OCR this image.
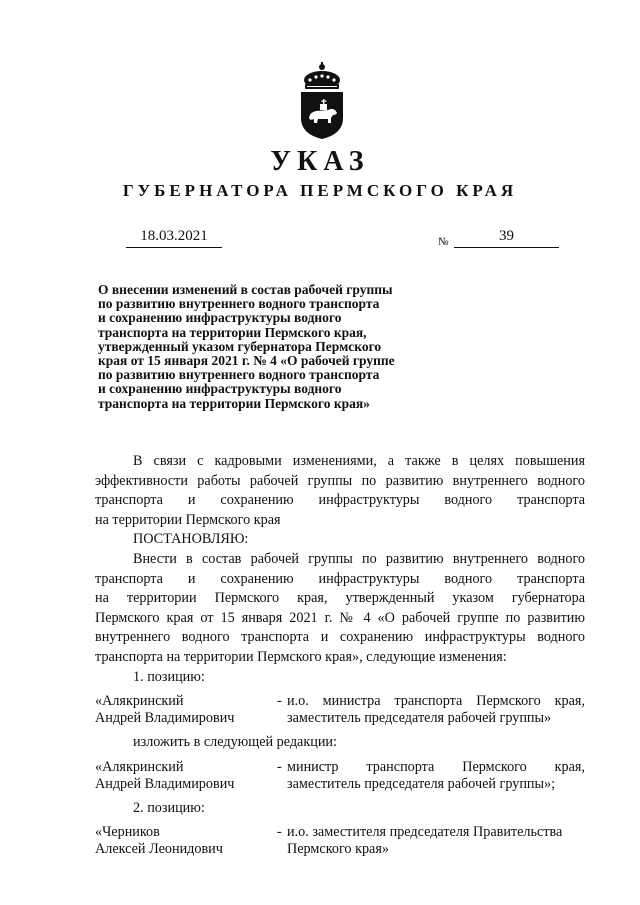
УКАЗ
ГУБЕРНАТОРА ПЕРМСКОГО КРАЯ
18.03.2021	№	39
О внесении изменений в состав рабочей группы
по развитию внутреннего водного транспорта
и сохранению инфраструктуры водного
транспорта на территории Пермского края,
утвержденный указом губернатора Пермского
края от 15 января 2021 г. № 4 «О рабочей группе
по развитию внутреннего водного транспорта
и сохранению инфраструктуры водного
транспорта на территории Пермского края»

В связи с кадровыми изменениями, а также в целях повышения

эффективности работы рабочей группы по развитию внутреннего водного

транспорта и сохранению инфраструктуры водного транспорта

на территории Пермского края

ПОСТАНОВЛЯЮ:

Внести в состав рабочей группы по развитию внутреннего водного

транспорта и сохранению инфраструктуры водного транспорта

на территории Пермского края, утвержденный указом губернатора

Пермского края от 15 января 2021 г. № 4 «О рабочей группе по развитию

внутреннего водного транспорта и сохранению инфраструктуры водного

транспорта на территории Пермского края», следующие изменения:

1. позицию:

«Алякринский
Андрей Владимирович
- и.о. министра транспорта Пермского края,
заместитель председателя рабочей группы»

изложить в следующей редакции:

«Алякринский
Андрей Владимирович
- министр транспорта Пермского края,
заместитель председателя рабочей группы»;

2. позицию:

«Черников
Алексей Леонидович
- и.о. заместителя председателя Правительства
Пермского края»
